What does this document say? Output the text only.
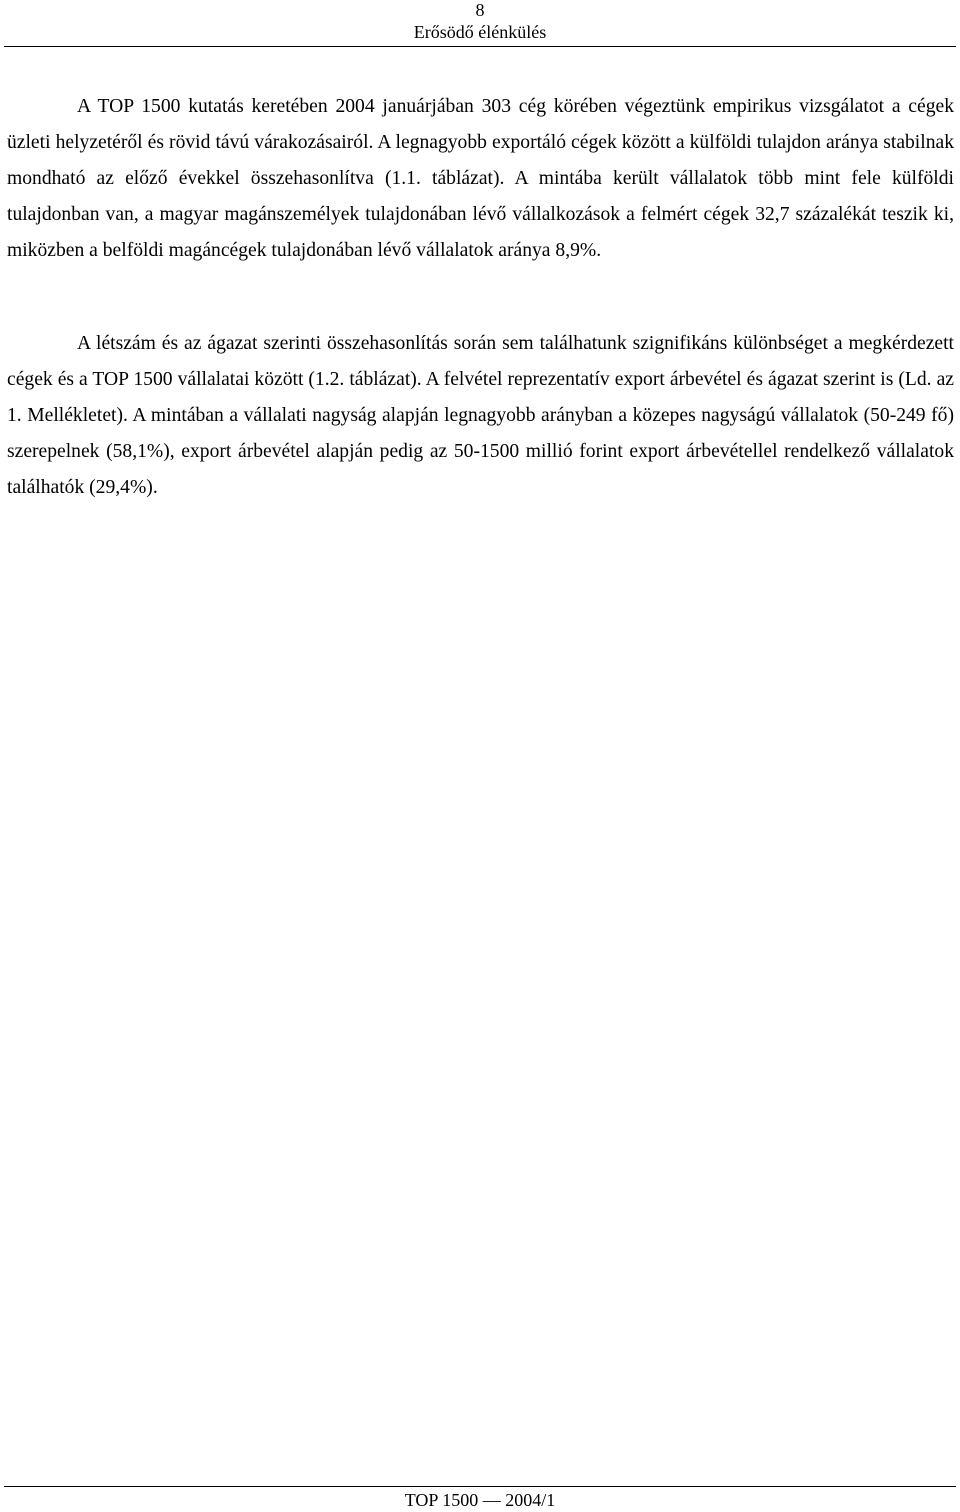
8
Erősödő élénkülés

A TOP 1500 kutatás keretében 2004 januárjában 303 cég körében végeztünk empirikus vizsgálatot a cégek üzleti helyzetéről és rövid távú várakozásairól. A legnagyobb exportáló cégek között a külföldi tulajdon aránya stabilnak mondható az előző évekkel összehasonlítva (1.1. táblázat). A mintába került vállalatok több mint fele külföldi tulajdonban van, a magyar magánszemélyek tulajdonában lévő vállalkozások a felmért cégek 32,7 százalékát teszik ki, miközben a belföldi magáncégek tulajdonában lévő vállalatok aránya 8,9%.

A létszám és az ágazat szerinti összehasonlítás során sem találhatunk szignifikáns különbséget a megkérdezett cégek és a TOP 1500 vállalatai között (1.2. táblázat). A felvétel reprezentatív export árbevétel és ágazat szerint is (Ld. az 1. Mellékletet). A mintában a vállalati nagyság alapján legnagyobb arányban a közepes nagyságú vállalatok (50-249 fő) szerepelnek (58,1%), export árbevétel alapján pedig az 50-1500 millió forint export árbevétellel rendelkező vállalatok találhatók (29,4%).

TOP 1500 — 2004/1
